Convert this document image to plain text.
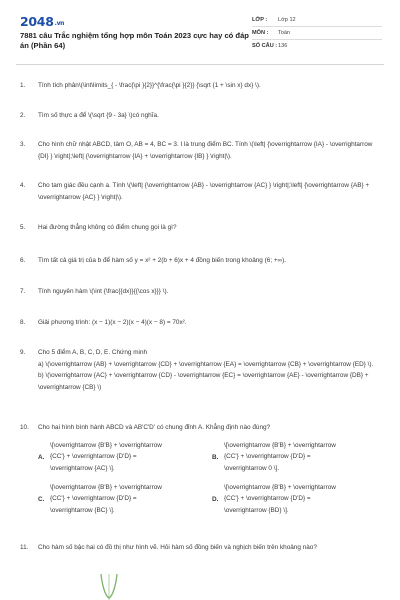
2048.vn
7881 câu Trắc nghiệm tổng hợp môn Toán 2023 cực hay có đáp án (Phần 64)
LỚP :	Lớp 12
MÔN :	Toán
SỐ CÂU : 136
1. Tính tích phân\(\int\limits_{ - \frac{\pi }{2}}^{\frac{\pi }{2}} {\sqrt {1 + \sin x} dx} \).
2. Tìm số thực a để \(\sqrt {9 - 3a} \)có nghĩa.
3. Cho hình chữ nhật ABCD, tâm O, AB = 4, BC = 3. I là trung điểm BC. Tính \(\left| {\overrightarrow {IA} - \overrightarrow {DI} } \right|;\left| {\overrightarrow {IA} + \overrightarrow {IB} } \right|\).
4. Cho tam giác đều cạnh a. Tính \(\left| {\overrightarrow {AB} - \overrightarrow {AC} } \right|;\left| {\overrightarrow {AB} + \overrightarrow {AC} } \right|\).
5. Hai đường thẳng không có điểm chung gọi là gì?
6. Tìm tất cả giá trị của b để hàm số y = x² + 2(b + 6)x + 4 đồng biến trong khoảng (6; +∞).
7. Tính nguyên hàm \(\int {\frac{{dx}}{{\cos x}}} \).
8. Giải phương trình: (x − 1)(x − 2)(x − 4)(x − 8) = 70x².
9. Cho 5 điểm A, B, C, D, E. Chứng minh
a) \(\overrightarrow {AB} + \overrightarrow {CD} + \overrightarrow {EA} = \overrightarrow {CB} + \overrightarrow {ED} \).
b) \(\overrightarrow {AC} + \overrightarrow {CD} - \overrightarrow {EC} = \overrightarrow {AE} - \overrightarrow {DB} + \overrightarrow {CB} \)
10. Cho hai hình bình hành ABCD và AB'C'D' có chung đỉnh A. Khẳng định nào đúng?
A.
\[\overrightarrow {B'B} + \overrightarrow
{CC'} + \overrightarrow {D'D} =
\overrightarrow {AC} \].
B.
\[\overrightarrow {B'B} + \overrightarrow
{CC'} + \overrightarrow {D'D} =
\overrightarrow 0 \].
C.
\[\overrightarrow {B'B} + \overrightarrow
{CC'} + \overrightarrow {D'D} =
\overrightarrow {BC} \].
D.
\[\overrightarrow {B'B} + \overrightarrow
{CC'} + \overrightarrow {D'D} =
\overrightarrow {BD} \].
11. Cho hàm số bậc hai có đồ thị như hình vẽ. Hỏi hàm số đồng biến và nghịch biến trên khoảng nào?
